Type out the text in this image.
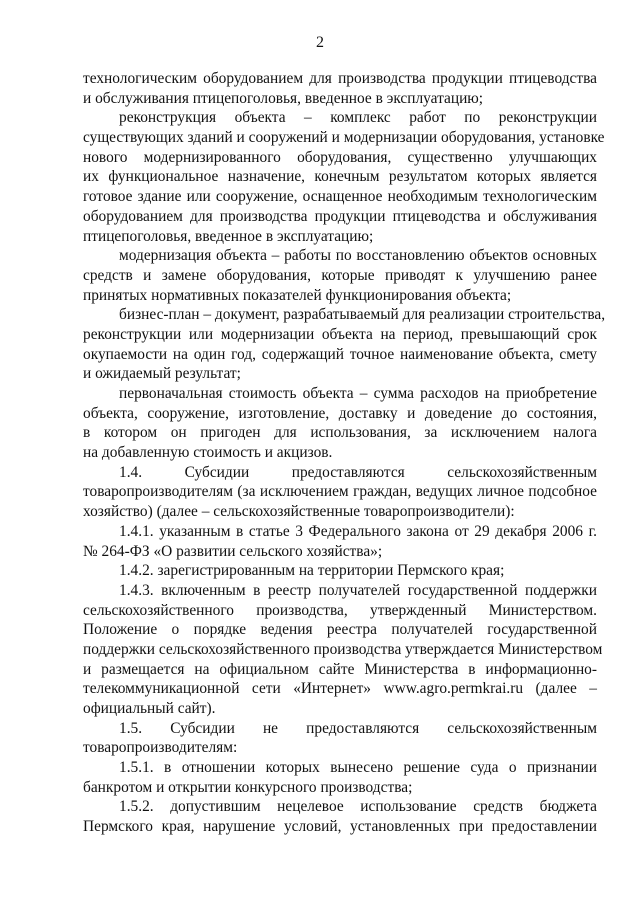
2
технологическим оборудованием для производства продукции птицеводства
и обслуживания птицепоголовья, введенное в эксплуатацию;
реконструкция объекта – комплекс работ по реконструкции
существующих зданий и сооружений и модернизации оборудования, установке
нового модернизированного оборудования, существенно улучшающих
их функциональное назначение, конечным результатом которых является
готовое здание или сооружение, оснащенное необходимым технологическим
оборудованием для производства продукции птицеводства и обслуживания
птицепоголовья, введенное в эксплуатацию;
модернизация объекта – работы по восстановлению объектов основных
средств и замене оборудования, которые приводят к улучшению ранее
принятых нормативных показателей функционирования объекта;
бизнес-план – документ, разрабатываемый для реализации строительства,
реконструкции или модернизации объекта на период, превышающий срок
окупаемости на один год, содержащий точное наименование объекта, смету
и ожидаемый результат;
первоначальная стоимость объекта – сумма расходов на приобретение
объекта, сооружение, изготовление, доставку и доведение до состояния,
в котором он пригоден для использования, за исключением налога
на добавленную стоимость и акцизов.
1.4. Субсидии предоставляются сельскохозяйственным
товаропроизводителям (за исключением граждан, ведущих личное подсобное
хозяйство) (далее – сельскохозяйственные товаропроизводители):
1.4.1. указанным в статье 3 Федерального закона от 29 декабря 2006 г.
№ 264-ФЗ «О развитии сельского хозяйства»;
1.4.2. зарегистрированным на территории Пермского края;
1.4.3. включенным в реестр получателей государственной поддержки
сельскохозяйственного производства, утвержденный Министерством.
Положение о порядке ведения реестра получателей государственной
поддержки сельскохозяйственного производства утверждается Министерством
и размещается на официальном сайте Министерства в информационно-
телекоммуникационной сети «Интернет» www.agro.permkrai.ru (далее –
официальный сайт).
1.5. Субсидии не предоставляются сельскохозяйственным
товаропроизводителям:
1.5.1. в отношении которых вынесено решение суда о признании
банкротом и открытии конкурсного производства;
1.5.2. допустившим нецелевое использование средств бюджета
Пермского края, нарушение условий, установленных при предоставлении
